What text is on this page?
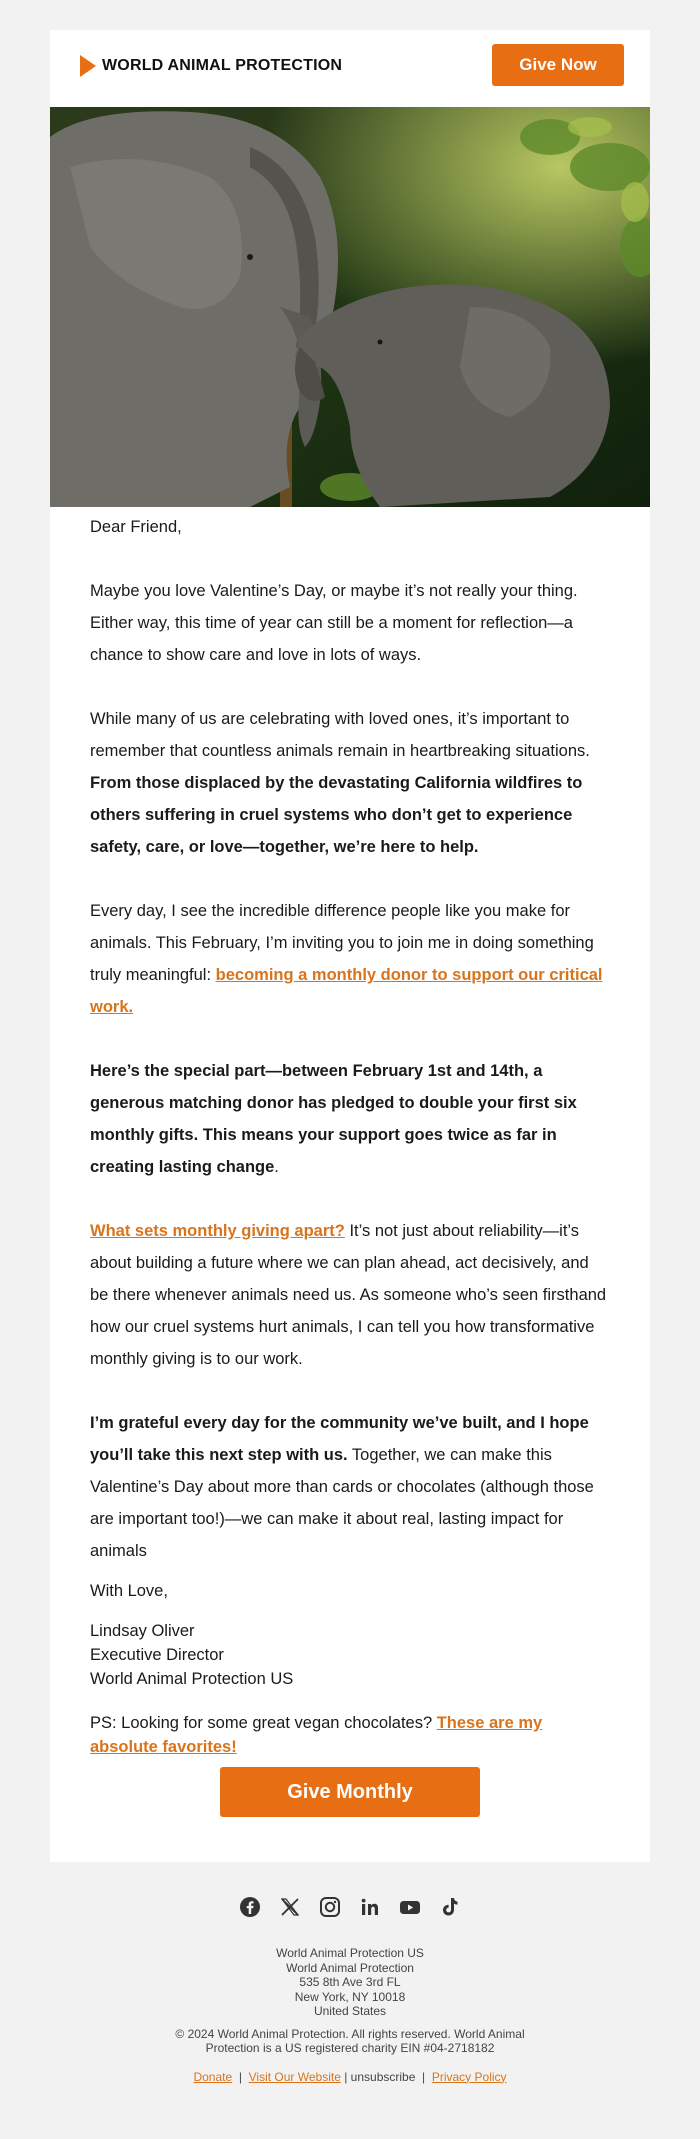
WORLD ANIMAL PROTECTION	Give Now

Dear Friend,

Maybe you love Valentine’s Day, or maybe it’s not really your thing. Either way, this time of year can still be a moment for reflection—a chance to show care and love in lots of ways.

While many of us are celebrating with loved ones, it’s important to remember that countless animals remain in heartbreaking situations. From those displaced by the devastating California wildfires to others suffering in cruel systems who don’t get to experience safety, care, or love—together, we’re here to help.

Every day, I see the incredible difference people like you make for animals. This February, I’m inviting you to join me in doing something truly meaningful: becoming a monthly donor to support our critical work.

Here’s the special part—between February 1st and 14th, a generous matching donor has pledged to double your first six monthly gifts. This means your support goes twice as far in creating lasting change.

What sets monthly giving apart? It’s not just about reliability—it’s about building a future where we can plan ahead, act decisively, and be there whenever animals need us. As someone who’s seen firsthand how our cruel systems hurt animals, I can tell you how transformative monthly giving is to our work.

I’m grateful every day for the community we’ve built, and I hope you’ll take this next step with us. Together, we can make this Valentine’s Day about more than cards or chocolates (although those are important too!)—we can make it about real, lasting impact for animals

With Love,

Lindsay Oliver
Executive Director
World Animal Protection US

PS: Looking for some great vegan chocolates? These are my absolute favorites!

Give Monthly

World Animal Protection US

World Animal Protection

535 8th Ave 3rd FL

New York, NY 10018

United States

© 2024 World Animal Protection. All rights reserved. World Animal Protection is a US registered charity EIN #04-2718182

Donate  |  Visit Our Website | unsubscribe  |  Privacy Policy
